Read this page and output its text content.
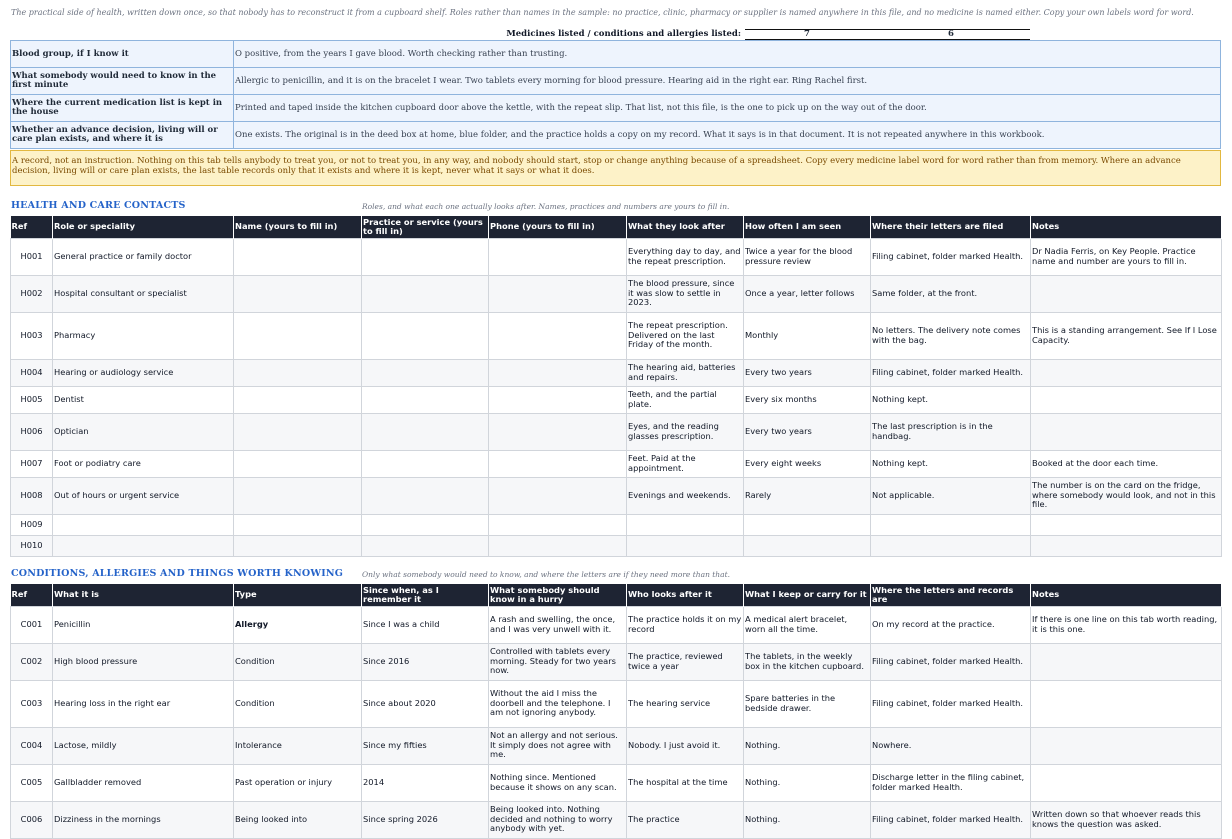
The practical side of health, written down once, so that nobody has to reconstruct it from a cupboard shelf. Roles rather than names in the sample: no practice, clinic, pharmacy or supplier is named anywhere in this file, and no medicine is named either. Copy your own labels word for word.
Medicines listed / conditions and allergies listed:	7	6
Blood group, if I know it	O positive, from the years I gave blood. Worth checking rather than trusting.
What somebody would need to know in the first minute	Allergic to penicillin, and it is on the bracelet I wear. Two tablets every morning for blood pressure. Hearing aid in the right ear. Ring Rachel first.
Where the current medication list is kept in the house	Printed and taped inside the kitchen cupboard door above the kettle, with the repeat slip. That list, not this file, is the one to pick up on the way out of the door.
Whether an advance decision, living will or care plan exists, and where it is	One exists. The original is in the deed box at home, blue folder, and the practice holds a copy on my record. What it says is in that document. It is not repeated anywhere in this workbook.
A record, not an instruction. Nothing on this tab tells anybody to treat you, or not to treat you, in any way, and nobody should start, stop or change anything because of a spreadsheet. Copy every medicine label word for word rather than from memory. Where an advance decision, living will or care plan exists, the last table records only that it exists and where it is kept, never what it says or what it does.
HEALTH AND CARE CONTACTS	Roles, and what each one actually looks after. Names, practices and numbers are yours to fill in.
Ref	Role or speciality	Name (yours to fill in)	Practice or service (yours to fill in)	Phone (yours to fill in)	What they look after	How often I am seen	Where their letters are filed	Notes
H001	General practice or family doctor				Everything day to day, and the repeat prescription.	Twice a year for the blood pressure review	Filing cabinet, folder marked Health.	Dr Nadia Ferris, on Key People. Practice name and number are yours to fill in.
H002	Hospital consultant or specialist				The blood pressure, since it was slow to settle in 2023.	Once a year, letter follows	Same folder, at the front.	
H003	Pharmacy				The repeat prescription. Delivered on the last Friday of the month.	Monthly	No letters. The delivery note comes with the bag.	This is a standing arrangement. See If I Lose Capacity.
H004	Hearing or audiology service				The hearing aid, batteries and repairs.	Every two years	Filing cabinet, folder marked Health.	
H005	Dentist				Teeth, and the partial plate.	Every six months	Nothing kept.	
H006	Optician				Eyes, and the reading glasses prescription.	Every two years	The last prescription is in the handbag.	
H007	Foot or podiatry care				Feet. Paid at the appointment.	Every eight weeks	Nothing kept.	Booked at the door each time.
H008	Out of hours or urgent service				Evenings and weekends.	Rarely	Not applicable.	The number is on the card on the fridge, where somebody would look, and not in this file.
H009								
H010								
CONDITIONS, ALLERGIES AND THINGS WORTH KNOWING	Only what somebody would need to know, and where the letters are if they need more than that.
Ref	What it is	Type	Since when, as I remember it	What somebody should know in a hurry	Who looks after it	What I keep or carry for it	Where the letters and records are	Notes
C001	Penicillin	Allergy	Since I was a child	A rash and swelling, the once, and I was very unwell with it.	The practice holds it on my record	A medical alert bracelet, worn all the time.	On my record at the practice.	If there is one line on this tab worth reading, it is this one.
C002	High blood pressure	Condition	Since 2016	Controlled with tablets every morning. Steady for two years now.	The practice, reviewed twice a year	The tablets, in the weekly box in the kitchen cupboard.	Filing cabinet, folder marked Health.	
C003	Hearing loss in the right ear	Condition	Since about 2020	Without the aid I miss the doorbell and the telephone. I am not ignoring anybody.	The hearing service	Spare batteries in the bedside drawer.	Filing cabinet, folder marked Health.	
C004	Lactose, mildly	Intolerance	Since my fifties	Not an allergy and not serious. It simply does not agree with me.	Nobody. I just avoid it.	Nothing.	Nowhere.	
C005	Gallbladder removed	Past operation or injury	2014	Nothing since. Mentioned because it shows on any scan.	The hospital at the time	Nothing.	Discharge letter in the filing cabinet, folder marked Health.	
C006	Dizziness in the mornings	Being looked into	Since spring 2026	Being looked into. Nothing decided and nothing to worry anybody with yet.	The practice	Nothing.	Filing cabinet, folder marked Health.	Written down so that whoever reads this knows the question was asked.
